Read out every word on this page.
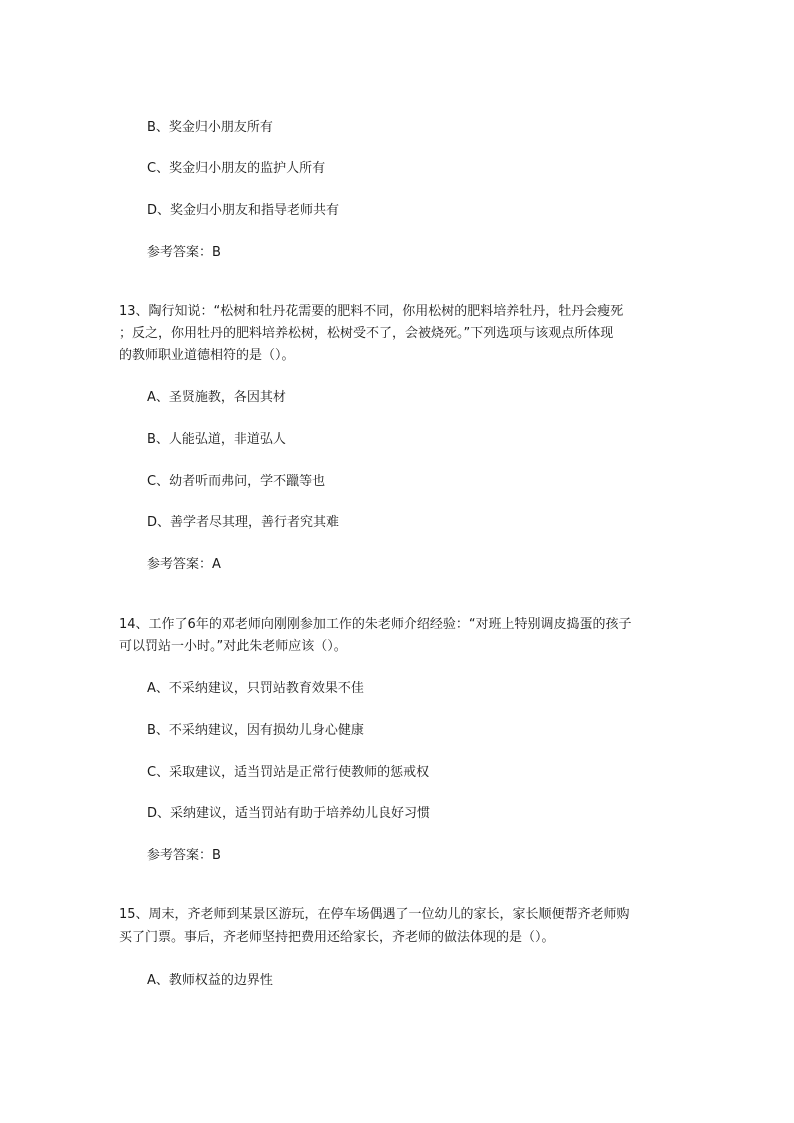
B、奖金归小朋友所有
C、奖金归小朋友的监护人所有
D、奖金归小朋友和指导老师共有
参考答案：B
13、陶行知说：“松树和牡丹花需要的肥料不同，你用松树的肥料培养牡丹，牡丹会瘦死
；反之，你用牡丹的肥料培养松树，松树受不了，会被烧死。”下列选项与该观点所体现
的教师职业道德相符的是（）。
A、圣贤施教，各因其材
B、人能弘道，非道弘人
C、幼者听而弗问，学不躐等也
D、善学者尽其理，善行者究其难
参考答案：A
14、工作了6年的邓老师向刚刚参加工作的朱老师介绍经验：“对班上特别调皮捣蛋的孩子
可以罚站一小时。”对此朱老师应该（）。
A、不采纳建议，只罚站教育效果不佳
B、不采纳建议，因有损幼儿身心健康
C、采取建议，适当罚站是正常行使教师的惩戒权
D、采纳建议，适当罚站有助于培养幼儿良好习惯
参考答案：B
15、周末，齐老师到某景区游玩，在停车场偶遇了一位幼儿的家长，家长顺便帮齐老师购
买了门票。事后，齐老师坚持把费用还给家长，齐老师的做法体现的是（）。
A、教师权益的边界性
